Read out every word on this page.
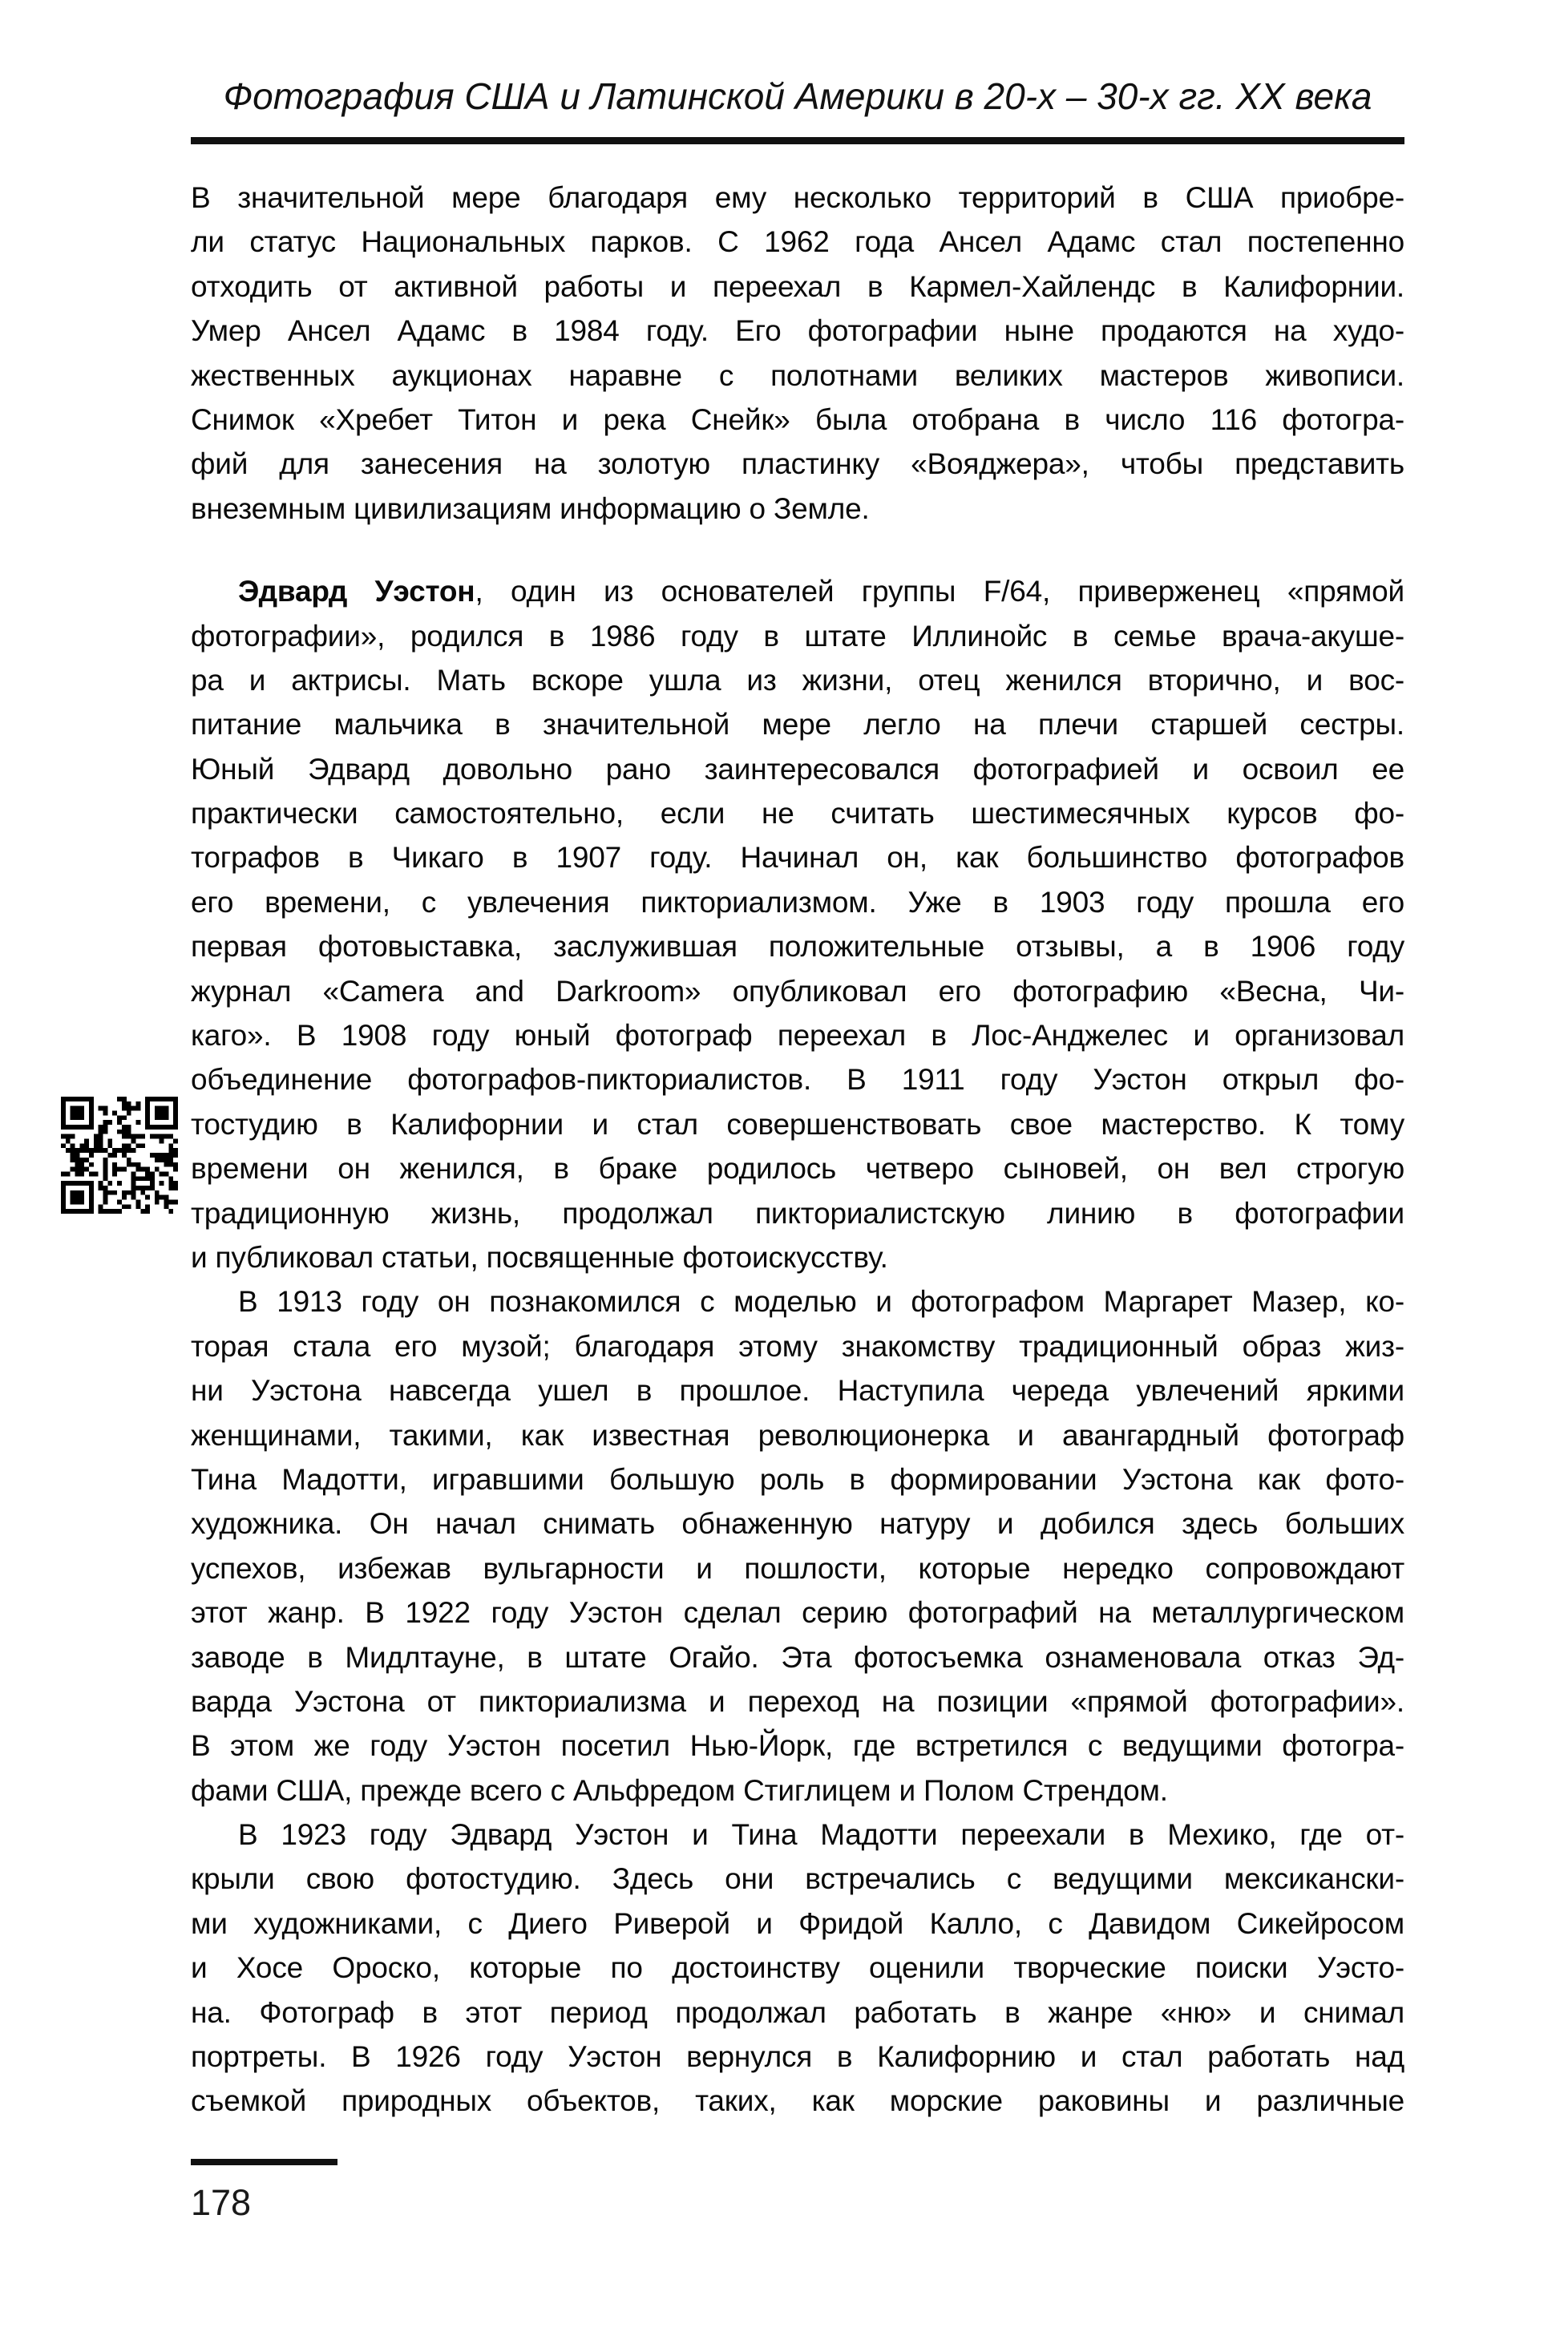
Фотография США и Латинской Америки в 20-х – 30-х гг. XX века
В значительной мере благодаря ему несколько территорий в США приобре-
ли статус Национальных парков. С 1962 года Ансел Адамс стал постепенно
отходить от активной работы и переехал в Кармел-Хайлендс в Калифорнии.
Умер Ансел Адамс в 1984 году. Его фотографии ныне продаются на худо-
жественных аукционах наравне с полотнами великих мастеров живописи.
Снимок «Хребет Титон и река Снейк» была отобрана в число 116 фотогра-
фий для занесения на золотую пластинку «Вояджера», чтобы представить
внеземным цивилизациям информацию о Земле.
Эдвард Уэстон, один из основателей группы F/64, приверженец «прямой
фотографии», родился в 1986 году в штате Иллинойс в семье врача-акуше-
ра и актрисы. Мать вскоре ушла из жизни, отец женился вторично, и вос-
питание мальчика в значительной мере легло на плечи старшей сестры.
Юный Эдвард довольно рано заинтересовался фотографией и освоил ее
практически самостоятельно, если не считать шестимесячных курсов фо-
тографов в Чикаго в 1907 году. Начинал он, как большинство фотографов
его времени, с увлечения пикториализмом. Уже в 1903 году прошла его
первая фотовыставка, заслужившая положительные отзывы, а в 1906 году
журнал «Camera and Darkroom» опубликовал его фотографию «Весна, Чи-
каго». В 1908 году юный фотограф переехал в Лос-Анджелес и организовал
объединение фотографов-пикториалистов. В 1911 году Уэстон открыл фо-
тостудию в Калифорнии и стал совершенствовать свое мастерство. К тому
времени он женился, в браке родилось четверо сыновей, он вел строгую
традиционную жизнь, продолжал пикториалистскую линию в фотографии
и публиковал статьи, посвященные фотоискусству.
В 1913 году он познакомился с моделью и фотографом Маргарет Мазер, ко-
торая стала его музой; благодаря этому знакомству традиционный образ жиз-
ни Уэстона навсегда ушел в прошлое. Наступила череда увлечений яркими
женщинами, такими, как известная революционерка и авангардный фотограф
Тина Мадотти, игравшими большую роль в формировании Уэстона как фото-
художника. Он начал снимать обнаженную натуру и добился здесь больших
успехов, избежав вульгарности и пошлости, которые нередко сопровождают
этот жанр. В 1922 году Уэстон сделал серию фотографий на металлургическом
заводе в Мидлтауне, в штате Огайо. Эта фотосъемка ознаменовала отказ Эд-
варда Уэстона от пикториализма и переход на позиции «прямой фотографии».
В этом же году Уэстон посетил Нью-Йорк, где встретился с ведущими фотогра-
фами США, прежде всего с Альфредом Стиглицем и Полом Стрендом.
В 1923 году Эдвард Уэстон и Тина Мадотти переехали в Мехико, где от-
крыли свою фотостудию. Здесь они встречались с ведущими мексикански-
ми художниками, с Диего Риверой и Фридой Калло, с Давидом Сикейросом
и Хосе Ороско, которые по достоинству оценили творческие поиски Уэсто-
на. Фотограф в этот период продолжал работать в жанре «ню» и снимал
портреты. В 1926 году Уэстон вернулся в Калифорнию и стал работать над
съемкой природных объектов, таких, как морские раковины и различные
178
